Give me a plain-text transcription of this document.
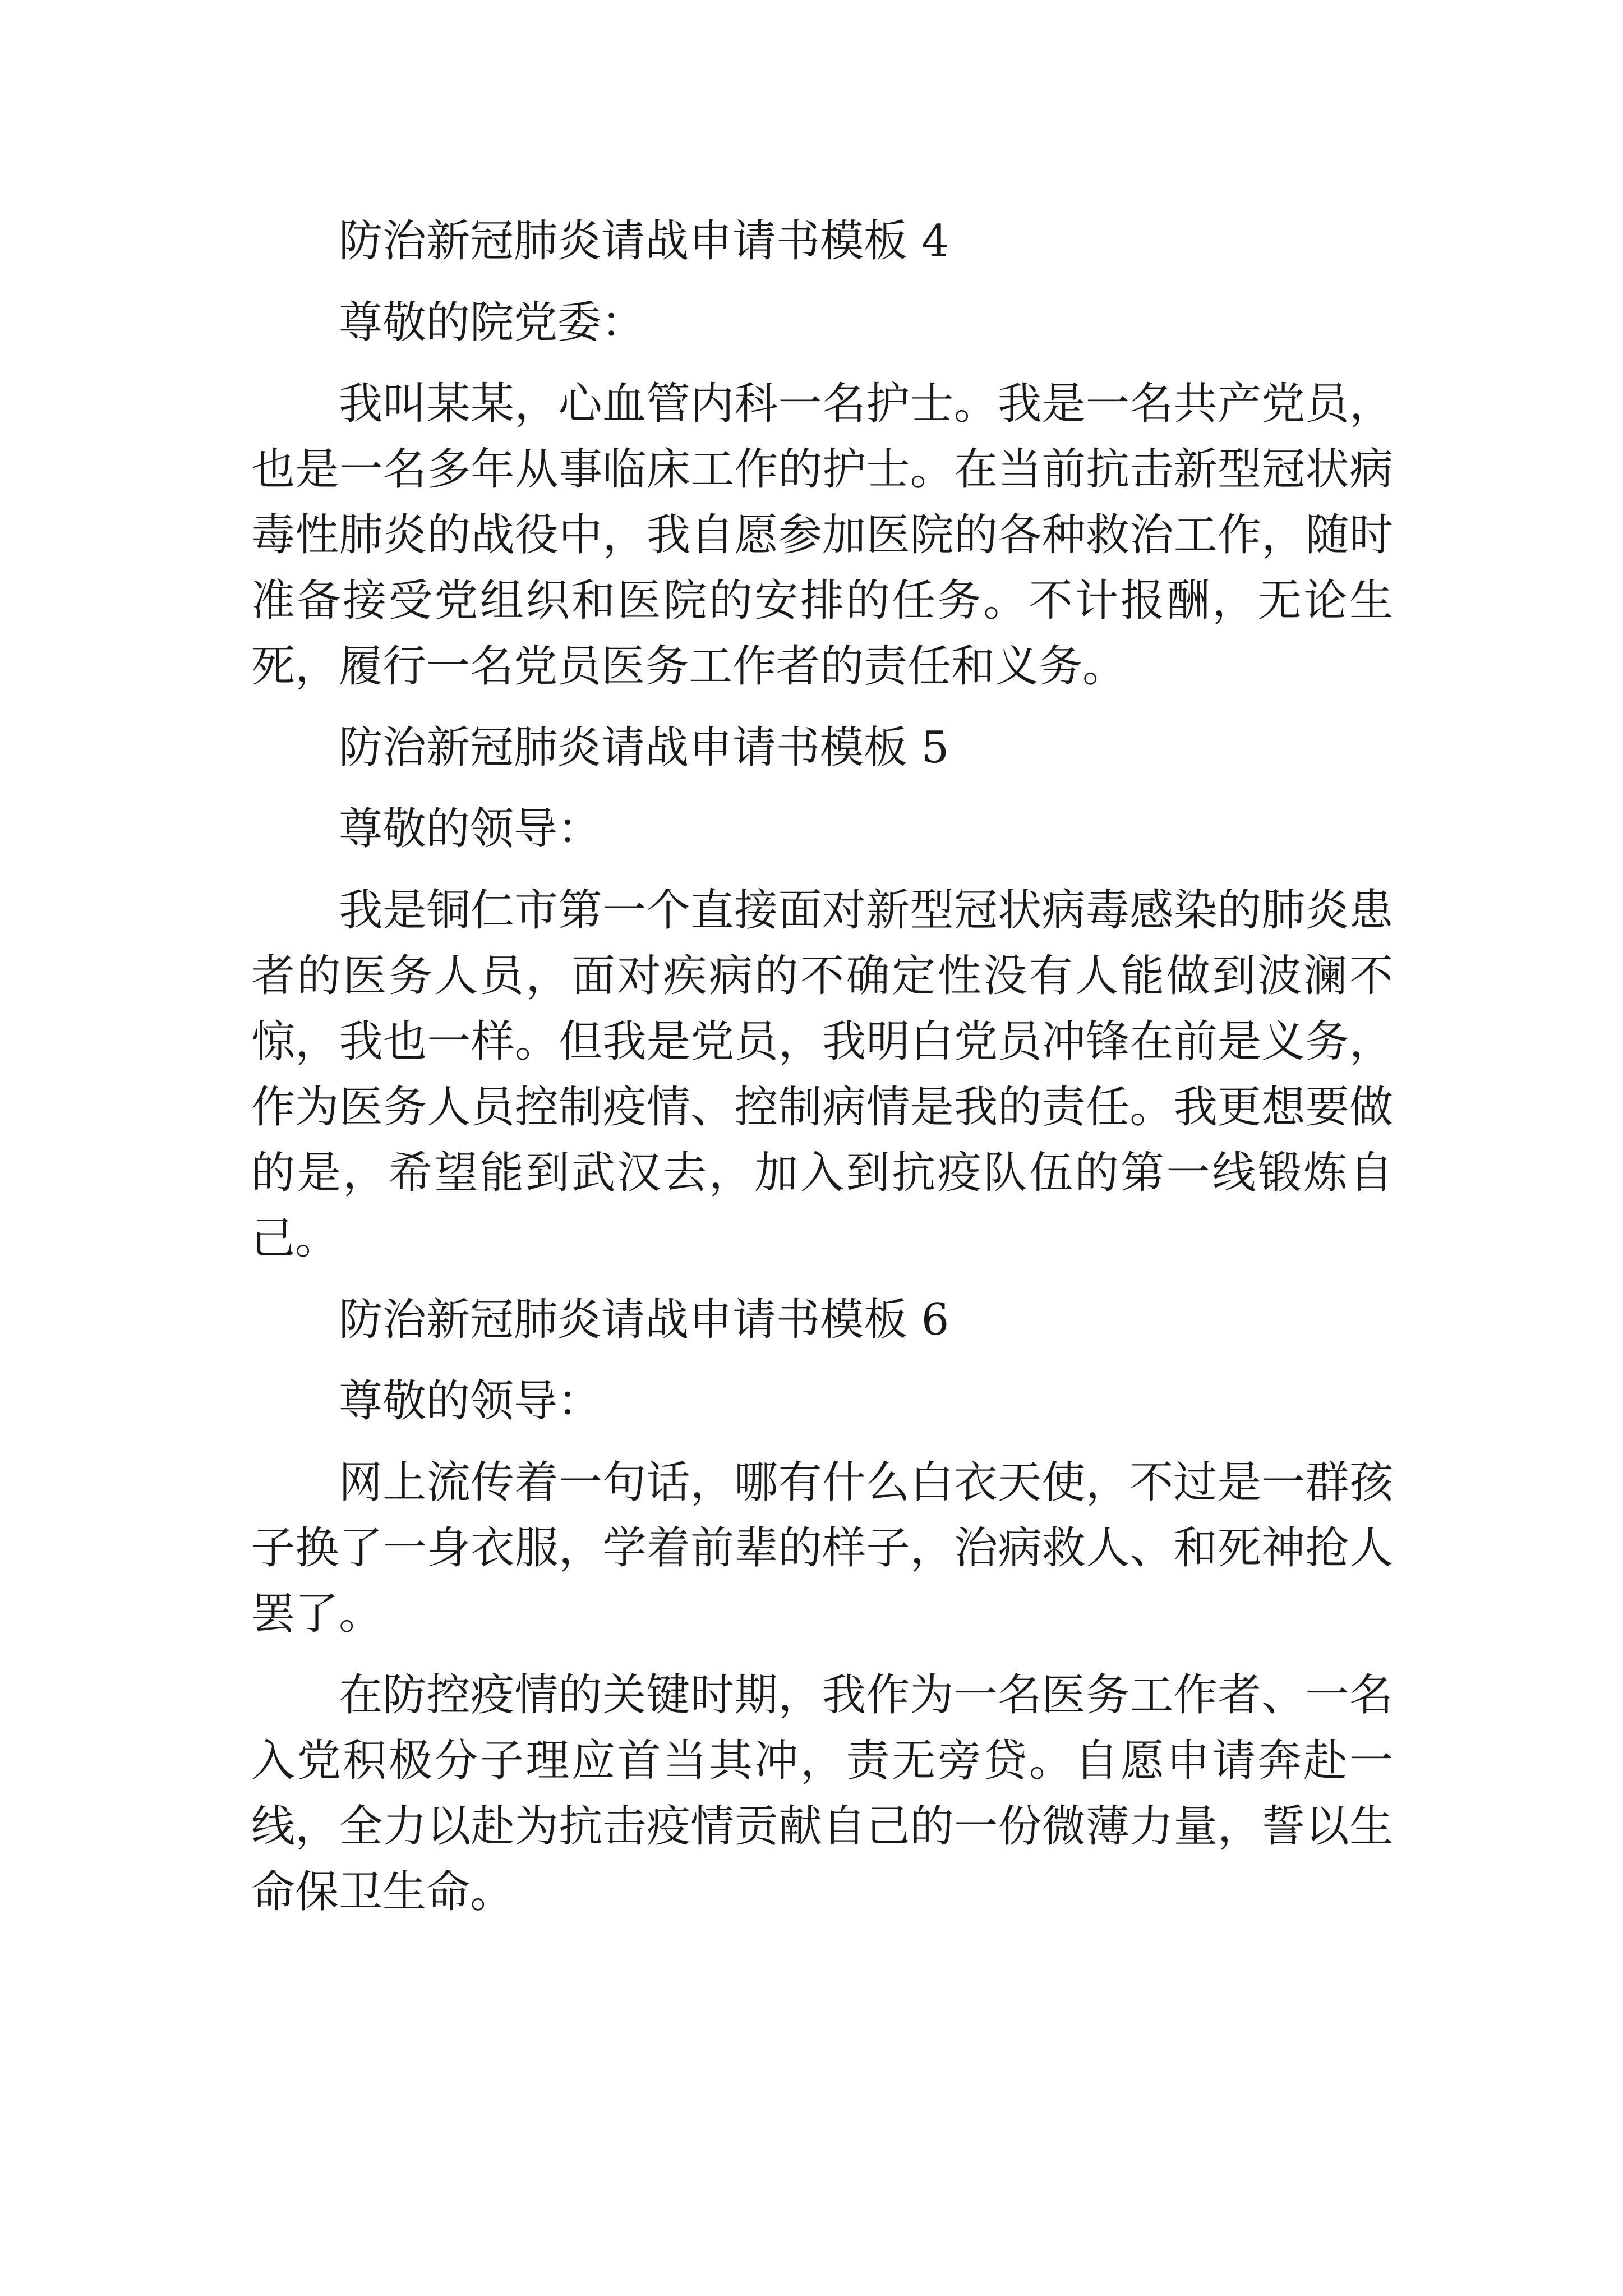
防治新冠肺炎请战申请书模板 4

尊敬的院党委：

我叫某某，心血管内科一名护士。我是一名共产党员，也是一名多年从事临床工作的护士。在当前抗击新型冠状病毒性肺炎的战役中，我自愿参加医院的各种救治工作，随时准备接受党组织和医院的安排的任务。不计报酬，无论生死，履行一名党员医务工作者的责任和义务。

防治新冠肺炎请战申请书模板 5

尊敬的领导：

我是铜仁市第一个直接面对新型冠状病毒感染的肺炎患者的医务人员，面对疾病的不确定性没有人能做到波澜不惊，我也一样。但我是党员，我明白党员冲锋在前是义务，作为医务人员控制疫情、控制病情是我的责任。我更想要做的是，希望能到武汉去，加入到抗疫队伍的第一线锻炼自己。

防治新冠肺炎请战申请书模板 6

尊敬的领导：

网上流传着一句话，哪有什么白衣天使，不过是一群孩子换了一身衣服，学着前辈的样子，治病救人、和死神抢人罢了。

在防控疫情的关键时期，我作为一名医务工作者、一名入党积极分子理应首当其冲，责无旁贷。自愿申请奔赴一线，全力以赴为抗击疫情贡献自己的一份微薄力量，誓以生命保卫生命。
